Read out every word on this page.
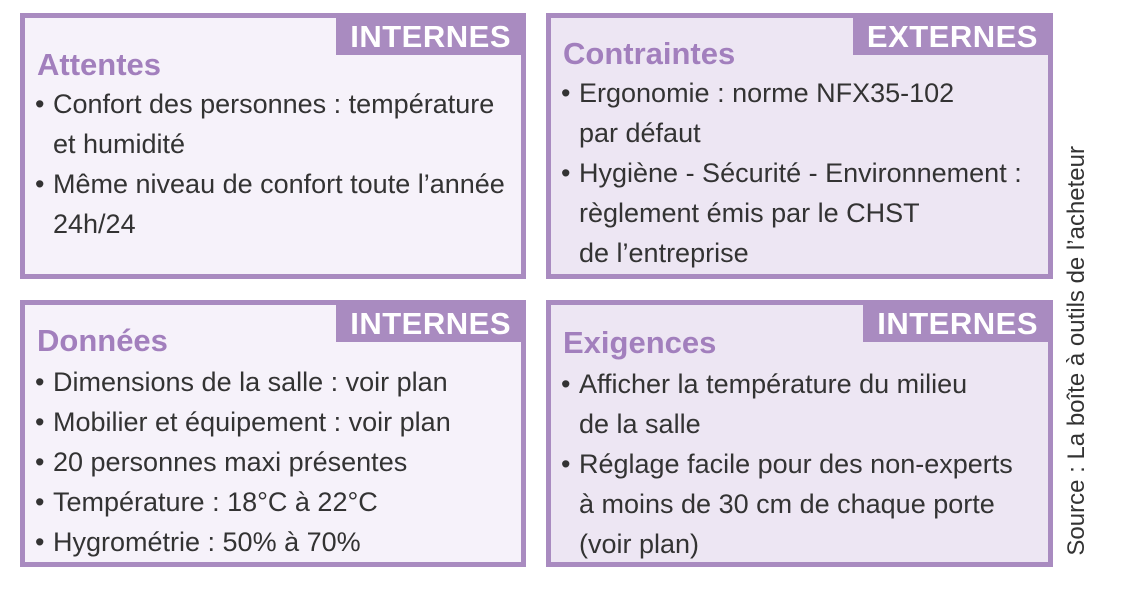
INTERNES
Attentes
• Confort des personnes : température
et humidité
• Même niveau de confort toute l’année
24h/24
EXTERNES
Contraintes
• Ergonomie : norme NFX35-102
par défaut
• Hygiène - Sécurité - Environnement :
règlement émis par le CHST
de l’entreprise
INTERNES
Données
• Dimensions de la salle : voir plan
• Mobilier et équipement : voir plan
• 20 personnes maxi présentes
• Température : 18°C à 22°C
• Hygrométrie : 50% à 70%
INTERNES
Exigences
• Afficher la température du milieu
de la salle
• Réglage facile pour des non-experts
à moins de 30 cm de chaque porte
(voir plan)	Source : La boîte à outils de l’acheteur
